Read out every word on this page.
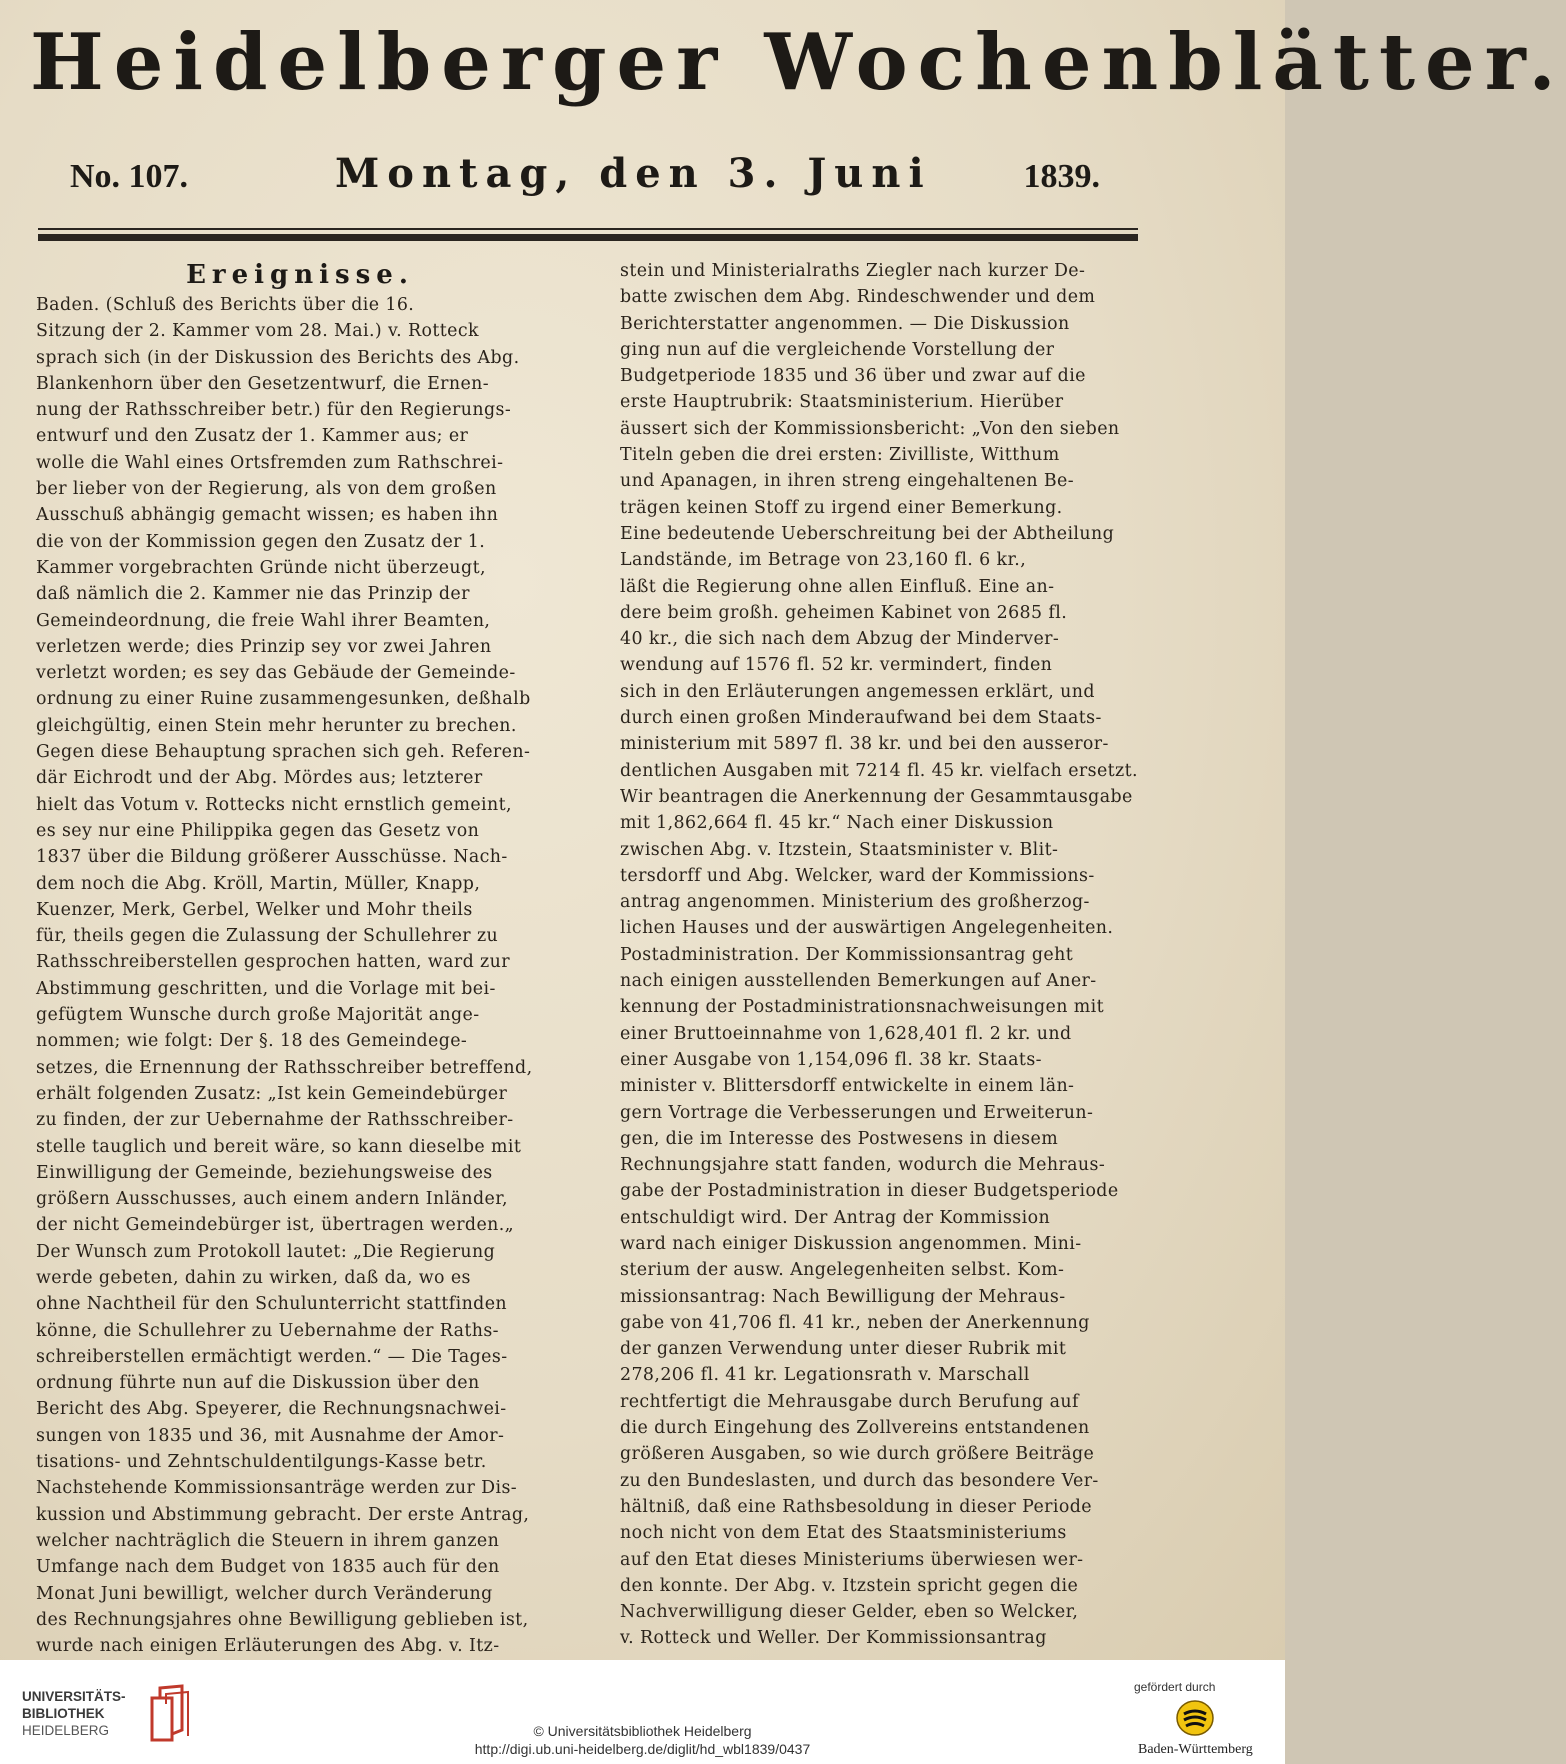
Heidelberger Wochenblätter.
No. 107.	Montag, den 3. Juni	1839.
Ereignisse.
Baden. (Schluß des Berichts über die 16.
Sitzung der 2. Kammer vom 28. Mai.) v. Rotteck
sprach sich (in der Diskussion des Berichts des Abg.
Blankenhorn über den Gesetzentwurf, die Ernen-
nung der Rathsschreiber betr.) für den Regierungs-
entwurf und den Zusatz der 1. Kammer aus; er
wolle die Wahl eines Ortsfremden zum Rathschrei-
ber lieber von der Regierung, als von dem großen
Ausschuß abhängig gemacht wissen; es haben ihn
die von der Kommission gegen den Zusatz der 1.
Kammer vorgebrachten Gründe nicht überzeugt,
daß nämlich die 2. Kammer nie das Prinzip der
Gemeindeordnung, die freie Wahl ihrer Beamten,
verletzen werde; dies Prinzip sey vor zwei Jahren
verletzt worden; es sey das Gebäude der Gemeinde-
ordnung zu einer Ruine zusammengesunken, deßhalb
gleichgültig, einen Stein mehr herunter zu brechen.
Gegen diese Behauptung sprachen sich geh. Referen-
där Eichrodt und der Abg. Mördes aus; letzterer
hielt das Votum v. Rottecks nicht ernstlich gemeint,
es sey nur eine Philippika gegen das Gesetz von
1837 über die Bildung größerer Ausschüsse. Nach-
dem noch die Abg. Kröll, Martin, Müller, Knapp,
Kuenzer, Merk, Gerbel, Welker und Mohr theils
für, theils gegen die Zulassung der Schullehrer zu
Rathsschreiberstellen gesprochen hatten, ward zur
Abstimmung geschritten, und die Vorlage mit bei-
gefügtem Wunsche durch große Majorität ange-
nommen; wie folgt: Der §. 18 des Gemeindege-
setzes, die Ernennung der Rathsschreiber betreffend,
erhält folgenden Zusatz: „Ist kein Gemeindebürger
zu finden, der zur Uebernahme der Rathsschreiber-
stelle tauglich und bereit wäre, so kann dieselbe mit
Einwilligung der Gemeinde, beziehungsweise des
größern Ausschusses, auch einem andern Inländer,
der nicht Gemeindebürger ist, übertragen werden.„
Der Wunsch zum Protokoll lautet: „Die Regierung
werde gebeten, dahin zu wirken, daß da, wo es
ohne Nachtheil für den Schulunterricht stattfinden
könne, die Schullehrer zu Uebernahme der Raths-
schreiberstellen ermächtigt werden.“ — Die Tages-
ordnung führte nun auf die Diskussion über den
Bericht des Abg. Speyerer, die Rechnungsnachwei-
sungen von 1835 und 36, mit Ausnahme der Amor-
tisations- und Zehntschuldentilgungs-Kasse betr.
Nachstehende Kommissionsanträge werden zur Dis-
kussion und Abstimmung gebracht. Der erste Antrag,
welcher nachträglich die Steuern in ihrem ganzen
Umfange nach dem Budget von 1835 auch für den
Monat Juni bewilligt, welcher durch Veränderung
des Rechnungsjahres ohne Bewilligung geblieben ist,
wurde nach einigen Erläuterungen des Abg. v. Itz-
stein und Ministerialraths Ziegler nach kurzer De-
batte zwischen dem Abg. Rindeschwender und dem
Berichterstatter angenommen. — Die Diskussion
ging nun auf die vergleichende Vorstellung der
Budgetperiode 1835 und 36 über und zwar auf die
erste Hauptrubrik: Staatsministerium. Hierüber
äussert sich der Kommissionsbericht: „Von den sieben
Titeln geben die drei ersten: Zivilliste, Witthum
und Apanagen, in ihren streng eingehaltenen Be-
trägen keinen Stoff zu irgend einer Bemerkung.
Eine bedeutende Ueberschreitung bei der Abtheilung
Landstände, im Betrage von 23,160 fl. 6 kr.,
läßt die Regierung ohne allen Einfluß. Eine an-
dere beim großh. geheimen Kabinet von 2685 fl.
40 kr., die sich nach dem Abzug der Minderver-
wendung auf 1576 fl. 52 kr. vermindert, finden
sich in den Erläuterungen angemessen erklärt, und
durch einen großen Minderaufwand bei dem Staats-
ministerium mit 5897 fl. 38 kr. und bei den ausseror-
dentlichen Ausgaben mit 7214 fl. 45 kr. vielfach ersetzt.
Wir beantragen die Anerkennung der Gesammtausgabe
mit 1,862,664 fl. 45 kr.“ Nach einer Diskussion
zwischen Abg. v. Itzstein, Staatsminister v. Blit-
tersdorff und Abg. Welcker, ward der Kommissions-
antrag angenommen. Ministerium des großherzog-
lichen Hauses und der auswärtigen Angelegenheiten.
Postadministration. Der Kommissionsantrag geht
nach einigen ausstellenden Bemerkungen auf Aner-
kennung der Postadministrationsnachweisungen mit
einer Bruttoeinnahme von 1,628,401 fl. 2 kr. und
einer Ausgabe von 1,154,096 fl. 38 kr. Staats-
minister v. Blittersdorff entwickelte in einem län-
gern Vortrage die Verbesserungen und Erweiterun-
gen, die im Interesse des Postwesens in diesem
Rechnungsjahre statt fanden, wodurch die Mehraus-
gabe der Postadministration in dieser Budgetsperiode
entschuldigt wird. Der Antrag der Kommission
ward nach einiger Diskussion angenommen. Mini-
sterium der ausw. Angelegenheiten selbst. Kom-
missionsantrag: Nach Bewilligung der Mehraus-
gabe von 41,706 fl. 41 kr., neben der Anerkennung
der ganzen Verwendung unter dieser Rubrik mit
278,206 fl. 41 kr. Legationsrath v. Marschall
rechtfertigt die Mehrausgabe durch Berufung auf
die durch Eingehung des Zollvereins entstandenen
größeren Ausgaben, so wie durch größere Beiträge
zu den Bundeslasten, und durch das besondere Ver-
hältniß, daß eine Rathsbesoldung in dieser Periode
noch nicht von dem Etat des Staatsministeriums
auf den Etat dieses Ministeriums überwiesen wer-
den konnte. Der Abg. v. Itzstein spricht gegen die
Nachverwilligung dieser Gelder, eben so Welcker,
v. Rotteck und Weller. Der Kommissionsantrag
UNIVERSITÄTS-
BIBLIOTHEK
HEIDELBERG	© Universitätsbibliothek Heidelberg
http://digi.ub.uni-heidelberg.de/diglit/hd_wbl1839/0437
gefördert durch
Baden-Württemberg
